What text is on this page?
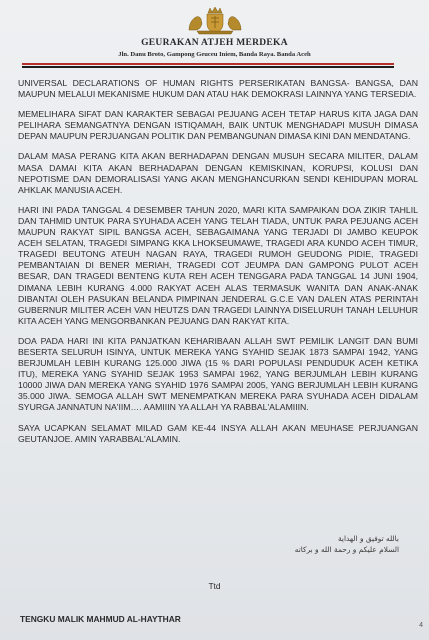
GEURAKAN ATJEH MERDEKA
Jln. Danu Broto, Gampong Geuceu Iniem, Banda Raya. Banda Aceh

UNIVERSAL DECLARATIONS OF HUMAN RIGHTS PERSERIKATAN BANGSA- BANGSA, DAN MAUPUN MELALUI MEKANISME HUKUM DAN ATAU HAK DEMOKRASI LAINNYA YANG TERSEDIA.

MEMELIHARA SIFAT DAN KARAKTER SEBAGAI PEJUANG ACEH TETAP HARUS KITA JAGA DAN PELIHARA SEMANGATNYA DENGAN ISTIQAMAH, BAIK UNTUK MENGHADAPI MUSUH DIMASA DEPAN MAUPUN PERJUANGAN POLITIK DAN PEMBANGUNAN DIMASA KINI DAN MENDATANG.

DALAM MASA PERANG KITA AKAN BERHADAPAN DENGAN MUSUH SECARA MILITER, DALAM MASA DAMAI KITA AKAN BERHADAPAN DENGAN KEMISKINAN, KORUPSI, KOLUSI DAN NEPOTISME DAN DEMORALISASI YANG AKAN MENGHANCURKAN SENDI KEHIDUPAN MORAL AHKLAK MANUSIA ACEH.

HARI INI PADA TANGGAL 4 DESEMBER TAHUN 2020, MARI KITA SAMPAIKAN DOA ZIKIR TAHLIL DAN TAHMID UNTUK PARA SYUHADA ACEH YANG TELAH TIADA, UNTUK PARA PEJUANG ACEH MAUPUN RAKYAT SIPIL BANGSA ACEH, SEBAGAIMANA YANG TERJADI DI JAMBO KEUPOK ACEH SELATAN, TRAGEDI SIMPANG KKA LHOKSEUMAWE, TRAGEDI ARA KUNDO ACEH TIMUR, TRAGEDI BEUTONG ATEUH NAGAN RAYA, TRAGEDI RUMOH GEUDONG PIDIE, TRAGEDI PEMBANTAIAN DI BENER MERIAH, TRAGEDI COT JEUMPA DAN GAMPONG PULOT ACEH BESAR, DAN TRAGEDI BENTENG KUTA REH ACEH TENGGARA PADA TANGGAL 14 JUNI 1904, DIMANA LEBIH KURANG 4.000 RAKYAT ACEH ALAS TERMASUK WANITA DAN ANAK-ANAK DIBANTAI OLEH PASUKAN BELANDA PIMPINAN JENDERAL G.C.E VAN DALEN ATAS PERINTAH GUBERNUR MILITER ACEH VAN HEUTZS DAN TRAGEDI LAINNYA DISELURUH TANAH LELUHUR KITA ACEH YANG MENGORBANKAN PEJUANG DAN RAKYAT KITA.

DOA PADA HARI INI KITA PANJATKAN KEHARIBAAN ALLAH SWT PEMILIK LANGIT DAN BUMI BESERTA SELURUH ISINYA, UNTUK MEREKA YANG SYAHID SEJAK 1873 SAMPAI 1942, YANG BERJUMLAH LEBIH KURANG 125.000 JIWA (15 % DARI POPULASI PENDUDUK ACEH KETIKA ITU), MEREKA YANG SYAHID SEJAK 1953 SAMPAI 1962, YANG BERJUMLAH LEBIH KURANG 10000 JIWA DAN MEREKA YANG SYAHID 1976 SAMPAI 2005, YANG BERJUMLAH LEBIH KURANG 35.000 JIWA. SEMOGA ALLAH SWT MENEMPATKAN MEREKA PARA SYUHADA ACEH DIDALAM SYURGA JANNATUN NA'IIM…. AAMIIIN YA ALLAH YA RABBAL'ALAMIIIN.

SAYA UCAPKAN SELAMAT MILAD GAM KE-44 INSYA ALLAH AKAN MEUHASE PERJUANGAN GEUTANJOE. AMIN YARABBAL'ALAMIN.

بالله توفيق و الهداية
السلام عليكم و رحمة الله و بركاته
Ttd
TENGKU MALIK MAHMUD AL-HAYTHAR
4
